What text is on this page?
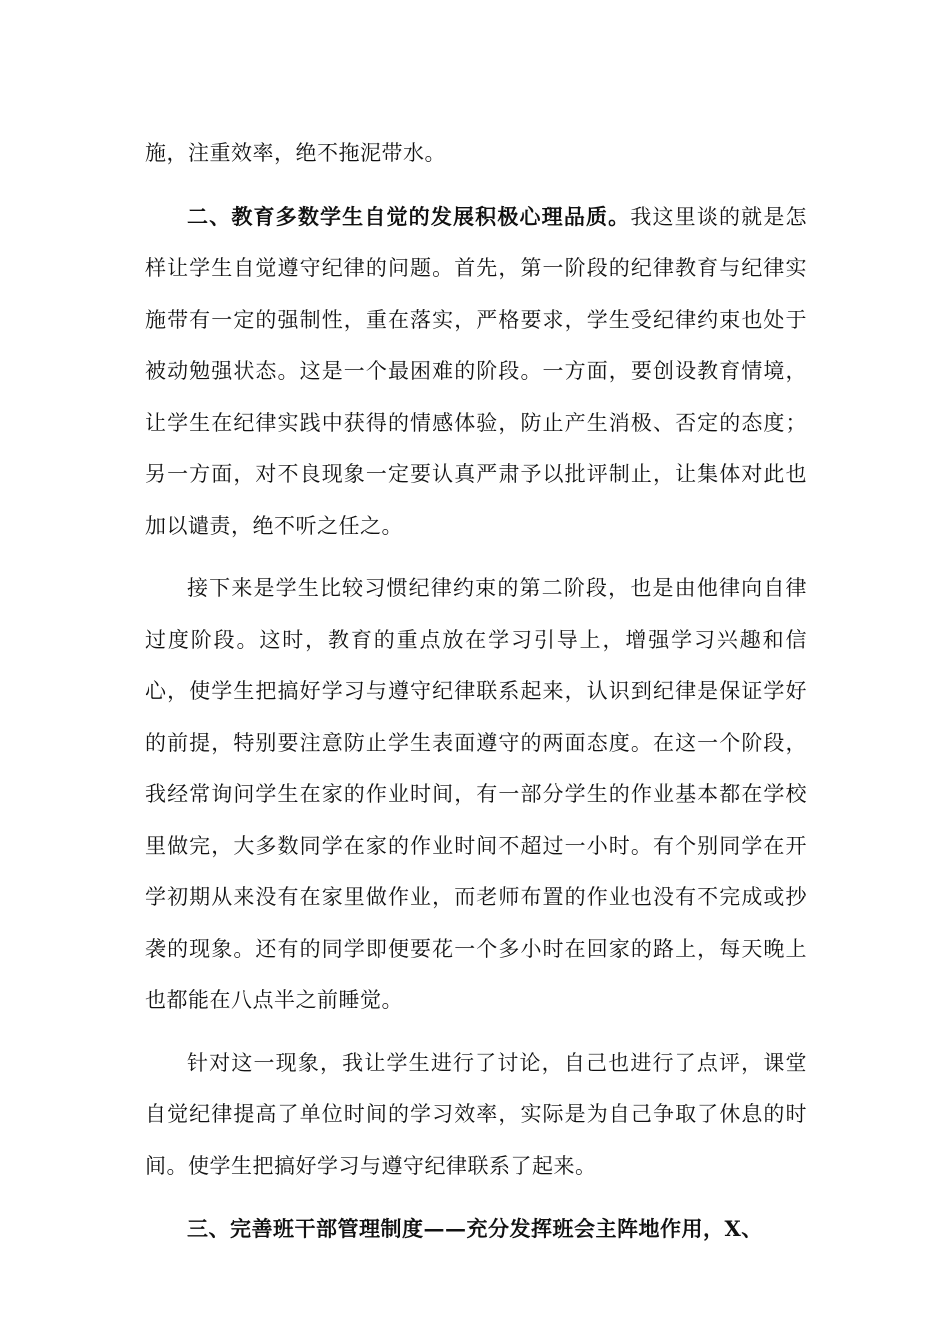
施，注重效率，绝不拖泥带水。

二、教育多数学生自觉的发展积极心理品质。我这里谈的就是怎样让学生自觉遵守纪律的问题。首先，第一阶段的纪律教育与纪律实施带有一定的强制性，重在落实，严格要求，学生受纪律约束也处于被动勉强状态。这是一个最困难的阶段。一方面，要创设教育情境，让学生在纪律实践中获得的情感体验，防止产生消极、否定的态度；另一方面，对不良现象一定要认真严肃予以批评制止，让集体对此也加以谴责，绝不听之任之。

接下来是学生比较习惯纪律约束的第二阶段，也是由他律向自律过度阶段。这时，教育的重点放在学习引导上，增强学习兴趣和信心，使学生把搞好学习与遵守纪律联系起来，认识到纪律是保证学好的前提，特别要注意防止学生表面遵守的两面态度。在这一个阶段，我经常询问学生在家的作业时间，有一部分学生的作业基本都在学校里做完，大多数同学在家的作业时间不超过一小时。有个别同学在开学初期从来没有在家里做作业，而老师布置的作业也没有不完成或抄袭的现象。还有的同学即便要花一个多小时在回家的路上，每天晚上也都能在八点半之前睡觉。

针对这一现象，我让学生进行了讨论，自己也进行了点评，课堂自觉纪律提高了单位时间的学习效率，实际是为自己争取了休息的时间。使学生把搞好学习与遵守纪律联系了起来。

三、完善班干部管理制度——充分发挥班会主阵地作用，X、
